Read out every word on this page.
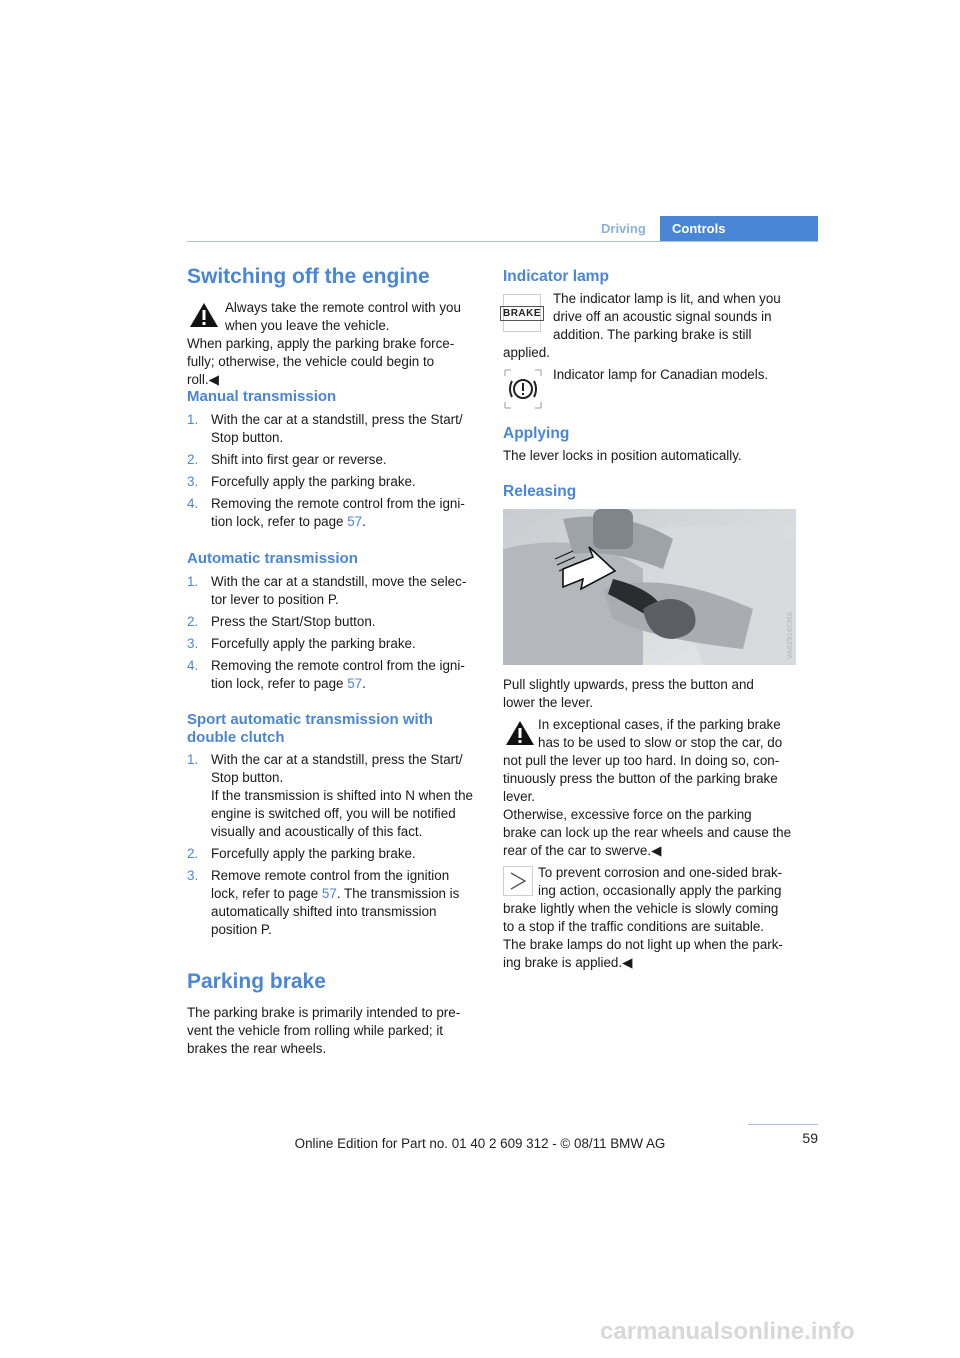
Driving	Controls
Switching off the engine
Always take the remote control with you
when you leave the vehicle.
When parking, apply the parking brake force-
fully; otherwise, the vehicle could begin to roll.◀
Manual transmission
1. With the car at a standstill, press the Start/
Stop button.
2. Shift into first gear or reverse.
3. Forcefully apply the parking brake.
4. Removing the remote control from the igni-
tion lock, refer to page 57.
Automatic transmission
1. With the car at a standstill, move the selec-
tor lever to position P.
2. Press the Start/Stop button.
3. Forcefully apply the parking brake.
4. Removing the remote control from the igni-
tion lock, refer to page 57.
Sport automatic transmission with
double clutch
1. With the car at a standstill, press the Start/
Stop button.
If the transmission is shifted into N when the
engine is switched off, you will be notified
visually and acoustically of this fact.
2. Forcefully apply the parking brake.
3. Remove remote control from the ignition
lock, refer to page 57. The transmission is
automatically shifted into transmission
position P.
Parking brake
The parking brake is primarily intended to pre-
vent the vehicle from rolling while parked; it
brakes the rear wheels.
Indicator lamp
BRAKE
The indicator lamp is lit, and when you
drive off an acoustic signal sounds in
addition. The parking brake is still
applied.
Indicator lamp for Canadian models.
Applying
The lever locks in position automatically.
Releasing
VA02916CMA
Pull slightly upwards, press the button and
lower the lever.
In exceptional cases, if the parking brake
has to be used to slow or stop the car, do
not pull the lever up too hard. In doing so, con-
tinuously press the button of the parking brake
lever.
Otherwise, excessive force on the parking
brake can lock up the rear wheels and cause the
rear of the car to swerve.◀
To prevent corrosion and one-sided brak-
ing action, occasionally apply the parking
brake lightly when the vehicle is slowly coming
to a stop if the traffic conditions are suitable.
The brake lamps do not light up when the park-
ing brake is applied.◀
59
Online Edition for Part no. 01 40 2 609 312 - © 08/11 BMW AG
carmanualsonline.info
